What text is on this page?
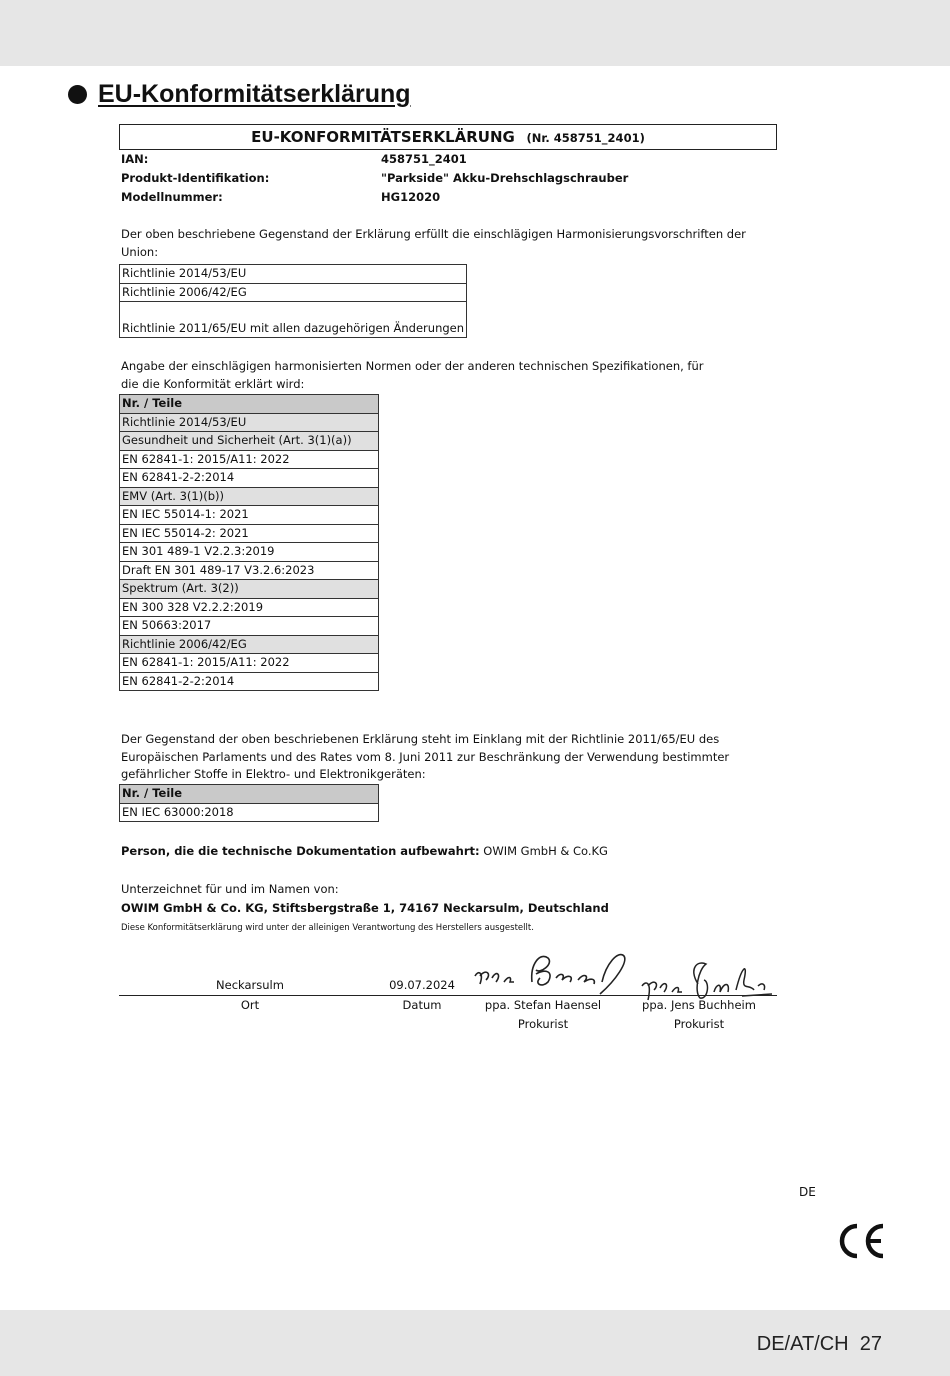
EU-Konformitätserklärung
EU-KONFORMITÄTSERKLÄRUNG (Nr. 458751_2401)
IAN:	458751_2401
Produkt-Identifikation:	"Parkside" Akku-Drehschlagschrauber
Modellnummer:	HG12020
Der oben beschriebene Gegenstand der Erklärung erfüllt die einschlägigen Harmonisierungsvorschriften der Union:
Richtlinie 2014/53/EU
Richtlinie 2006/42/EG
Richtlinie 2011/65/EU mit allen dazugehörigen Änderungen
Angabe der einschlägigen harmonisierten Normen oder der anderen technischen Spezifikationen, für die die Konformität erklärt wird:
Nr. / Teile
Richtlinie 2014/53/EU
Gesundheit und Sicherheit (Art. 3(1)(a))
EN 62841-1: 2015/A11: 2022
EN 62841-2-2:2014
EMV (Art. 3(1)(b))
EN IEC 55014-1: 2021
EN IEC 55014-2: 2021
EN 301 489-1 V2.2.3:2019
Draft EN 301 489-17 V3.2.6:2023
Spektrum (Art. 3(2))
EN 300 328 V2.2.2:2019
EN 50663:2017
Richtlinie 2006/42/EG
EN 62841-1: 2015/A11: 2022
EN 62841-2-2:2014
Der Gegenstand der oben beschriebenen Erklärung steht im Einklang mit der Richtlinie 2011/65/EU des Europäischen Parlaments und des Rates vom 8. Juni 2011 zur Beschränkung der Verwendung bestimmter gefährlicher Stoffe in Elektro- und Elektronikgeräten:
Nr. / Teile
EN IEC 63000:2018
Person, die die technische Dokumentation aufbewahrt: OWIM GmbH & Co.KG
Unterzeichnet für und im Namen von:
OWIM GmbH & Co. KG, Stiftsbergstraße 1, 74167 Neckarsulm, Deutschland
Diese Konformitätserklärung wird unter der alleinigen Verantwortung des Herstellers ausgestellt.
Neckarsulm	09.07.2024
Ort	Datum	ppa. Stefan Haensel	ppa. Jens Buchheim
Prokurist	Prokurist
DE
DE/AT/CH 27
